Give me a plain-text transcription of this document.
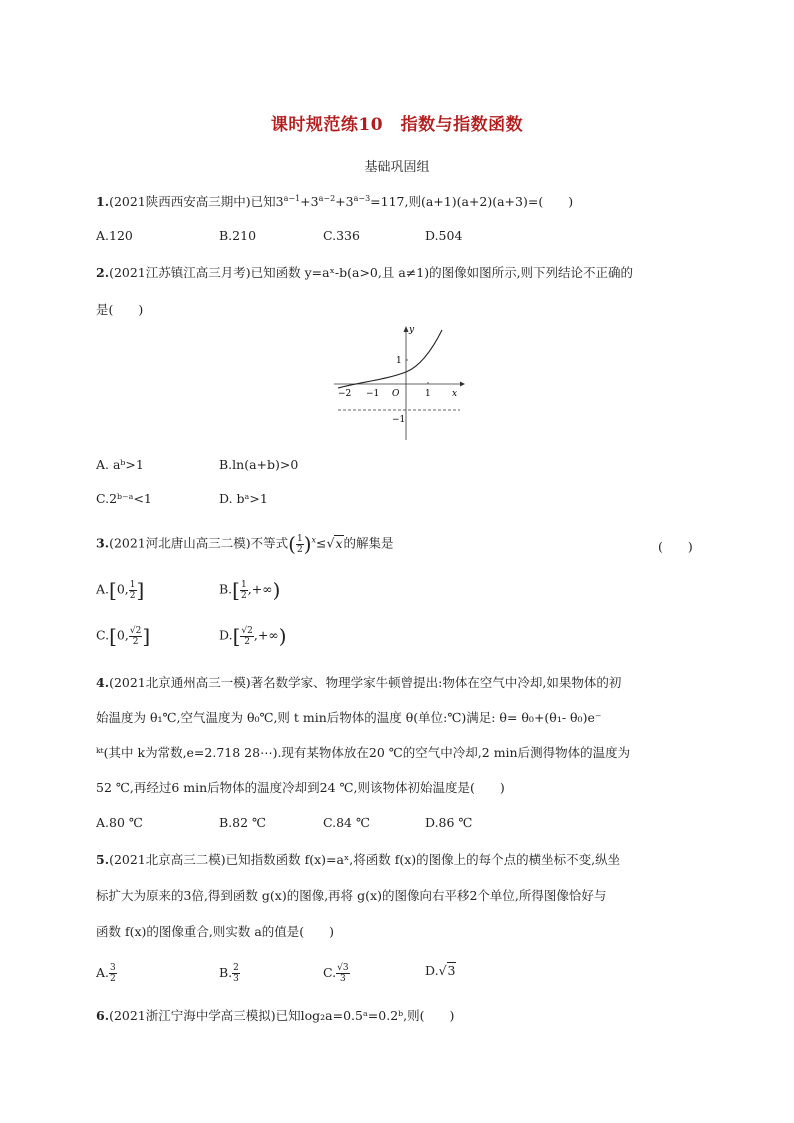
课时规范练10　指数与指数函数
基础巩固组
1.(2021陕西西安高三期中)已知$3^{a-1}+3^{a-2}+3^{a-3}=117$,则(a+1)(a+2)(a+3)=(　　)
A.120	B.210	C.336	D.504
2.(2021江苏镇江高三月考)已知函数 y=aˣ-b(a>0,且 a≠1)的图像如图所示,则下列结论不正确的
是(　　)
y
x
O
−2 −1	1
1
−1
A. aᵇ>1	B.ln(a+b)>0
C.2ᵇ⁻ᵃ<1	D. bᵃ>1
3.(2021河北唐山高三二模)不等式( $\frac{1}{2} )^x\le√x$的解集是	(　　)
A.[0, $\frac{1}{2}$ ]	$B.[ \frac{1}{2}$ ,+∞)
C.[0, $\frac{√2}{2}$ ]	$D.[ \frac{√2}{2}$ ,+∞)
4.(2021北京通州高三一模)著名数学家、物理学家牛顿曾提出:物体在空气中冷却,如果物体的初
始温度为 θ₁℃,空气温度为 θ₀℃,则 t min后物体的温度 θ(单位:℃)满足: θ= θ₀+(θ₁- θ₀)e⁻
ᵏᵗ(其中 k为常数,e=2.718 28⋯).现有某物体放在20 ℃的空气中冷却,2 min后测得物体的温度为
52 ℃,再经过6 min后物体的温度冷却到24 ℃,则该物体初始温度是(　　)
A.80 ℃	B.82 ℃	C.84 ℃	D.86 ℃
5.(2021北京高三二模)已知指数函数 f(x)=aˣ,将函数 f(x)的图像上的每个点的横坐标不变,纵坐
标扩大为原来的3倍,得到函数 g(x)的图像,再将 g(x)的图像向右平移2个单位,所得图像恰好与
函数 f(x)的图像重合,则实数 a的值是(　　)
A. $\frac{3}{2}$	B. $\frac{2}{3}$	C. $\frac{√3}{3}$	D.√3
6.(2021浙江宁海中学高三模拟)已知log₂a=0.5ᵃ=0.2ᵇ,则(　　)
